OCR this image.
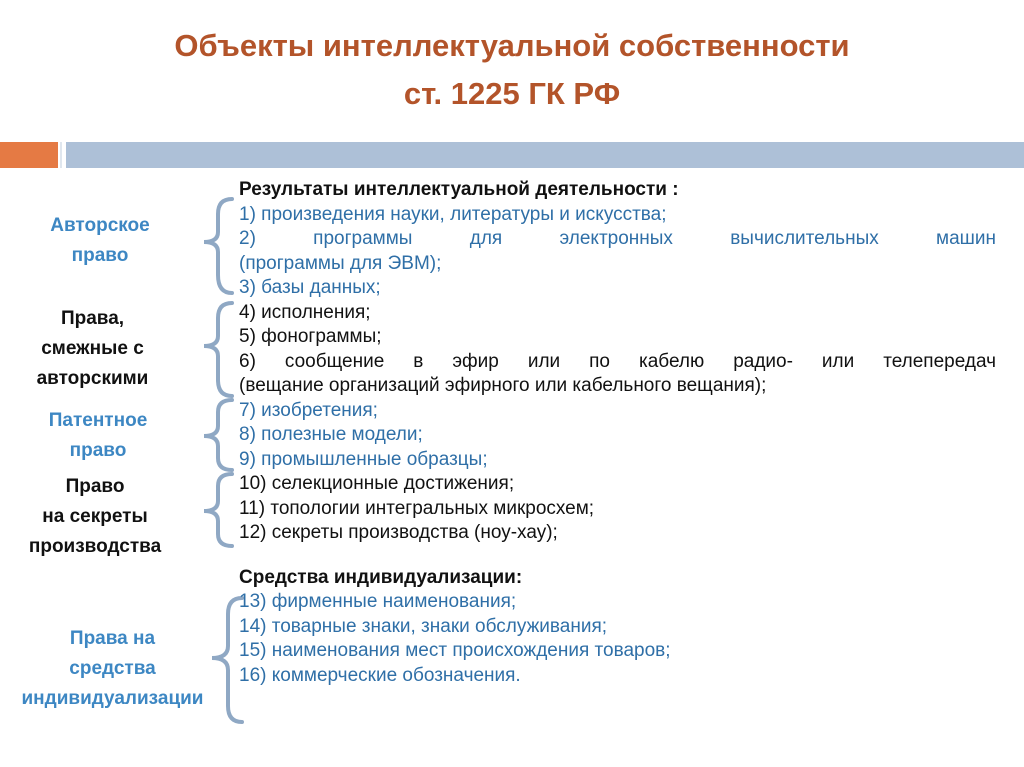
Объекты интеллектуальной собственности
ст. 1225 ГК РФ
Авторское
право
Права,
смежные с
авторскими
Патентное
право
Право
на секреты
производства
Права на
средства
индивидуализации
Результаты интеллектуальной деятельности :
1) произведения науки, литературы и искусства;
2) программы для электронных вычислительных машин
(программы для ЭВМ);
3) базы данных;
4) исполнения;
5) фонограммы;
6) сообщение в эфир или по кабелю радио- или телепередач
(вещание организаций эфирного или кабельного вещания);
7) изобретения;
8) полезные модели;
9) промышленные образцы;
10) селекционные достижения;
11) топологии интегральных микросхем;
12) секреты производства (ноу-хау);
Средства индивидуализации:
13) фирменные наименования;
14) товарные знаки, знаки обслуживания;
15) наименования мест происхождения товаров;
16) коммерческие обозначения.
